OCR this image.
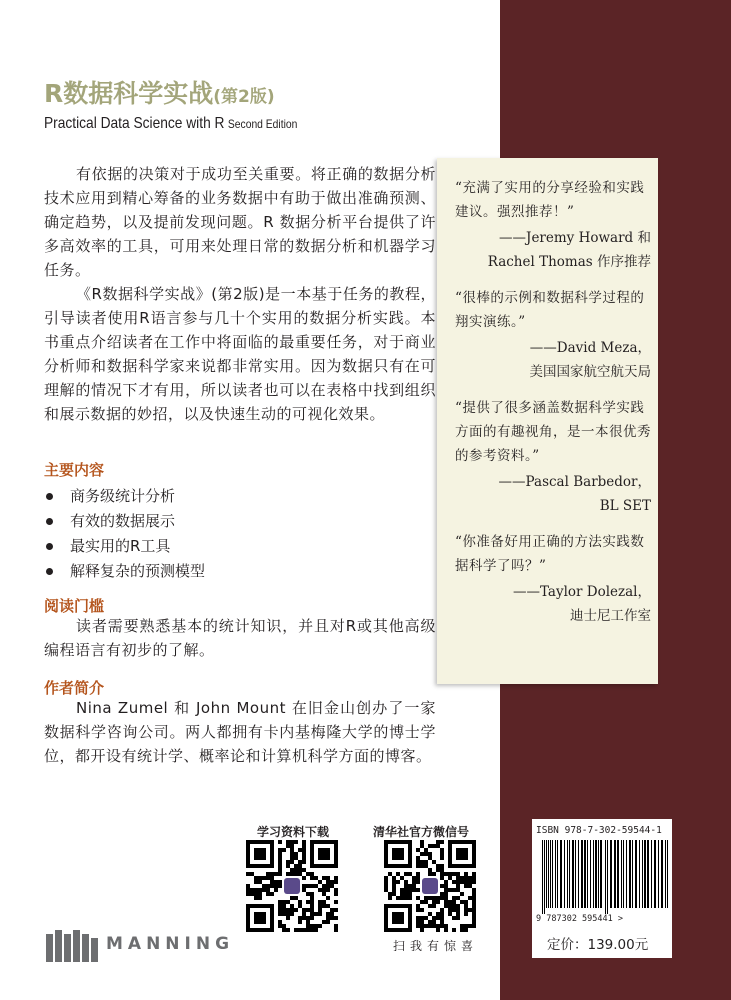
R数据科学实战(第2版)
Practical Data Science with R Second Edition

有依据的决策对于成功至关重要。将正确的数据分析技术应用到精心筹备的业务数据中有助于做出准确预测、确定趋势，以及提前发现问题。R 数据分析平台提供了许多高效率的工具，可用来处理日常的数据分析和机器学习任务。

《R数据科学实战》(第2版)是一本基于任务的教程，引导读者使用R语言参与几十个实用的数据分析实践。本书重点介绍读者在工作中将面临的最重要任务，对于商业分析师和数据科学家来说都非常实用。因为数据只有在可理解的情况下才有用，所以读者也可以在表格中找到组织和展示数据的妙招，以及快速生动的可视化效果。

主要内容
商务级统计分析
有效的数据展示
最实用的R工具
解释复杂的预测模型
阅读门槛

读者需要熟悉基本的统计知识，并且对R或其他高级编程语言有初步的了解。

作者简介

Nina Zumel 和 John Mount 在旧金山创办了一家数据科学咨询公司。两人都拥有卡内基梅隆大学的博士学位，都开设有统计学、概率论和计算机科学方面的博客。

“充满了实用的分享经验和实践建议。强烈推荐！”
——Jeremy Howard 和
Rachel Thomas 作序推荐
“很棒的示例和数据科学过程的翔实演练。”
——David Meza，
美国国家航空航天局
“提供了很多涵盖数据科学实践方面的有趣视角，是一本很优秀的参考资料。”
——Pascal Barbedor，
BL SET
“你准备好用正确的方法实践数据科学了吗？”
——Taylor Dolezal，
迪士尼工作室
学习资料下载	清华社官方微信号
扫我有惊喜
MANNING
ISBN 978-7-302-59544-1
9 787302 595441 >
定价：139.00元
